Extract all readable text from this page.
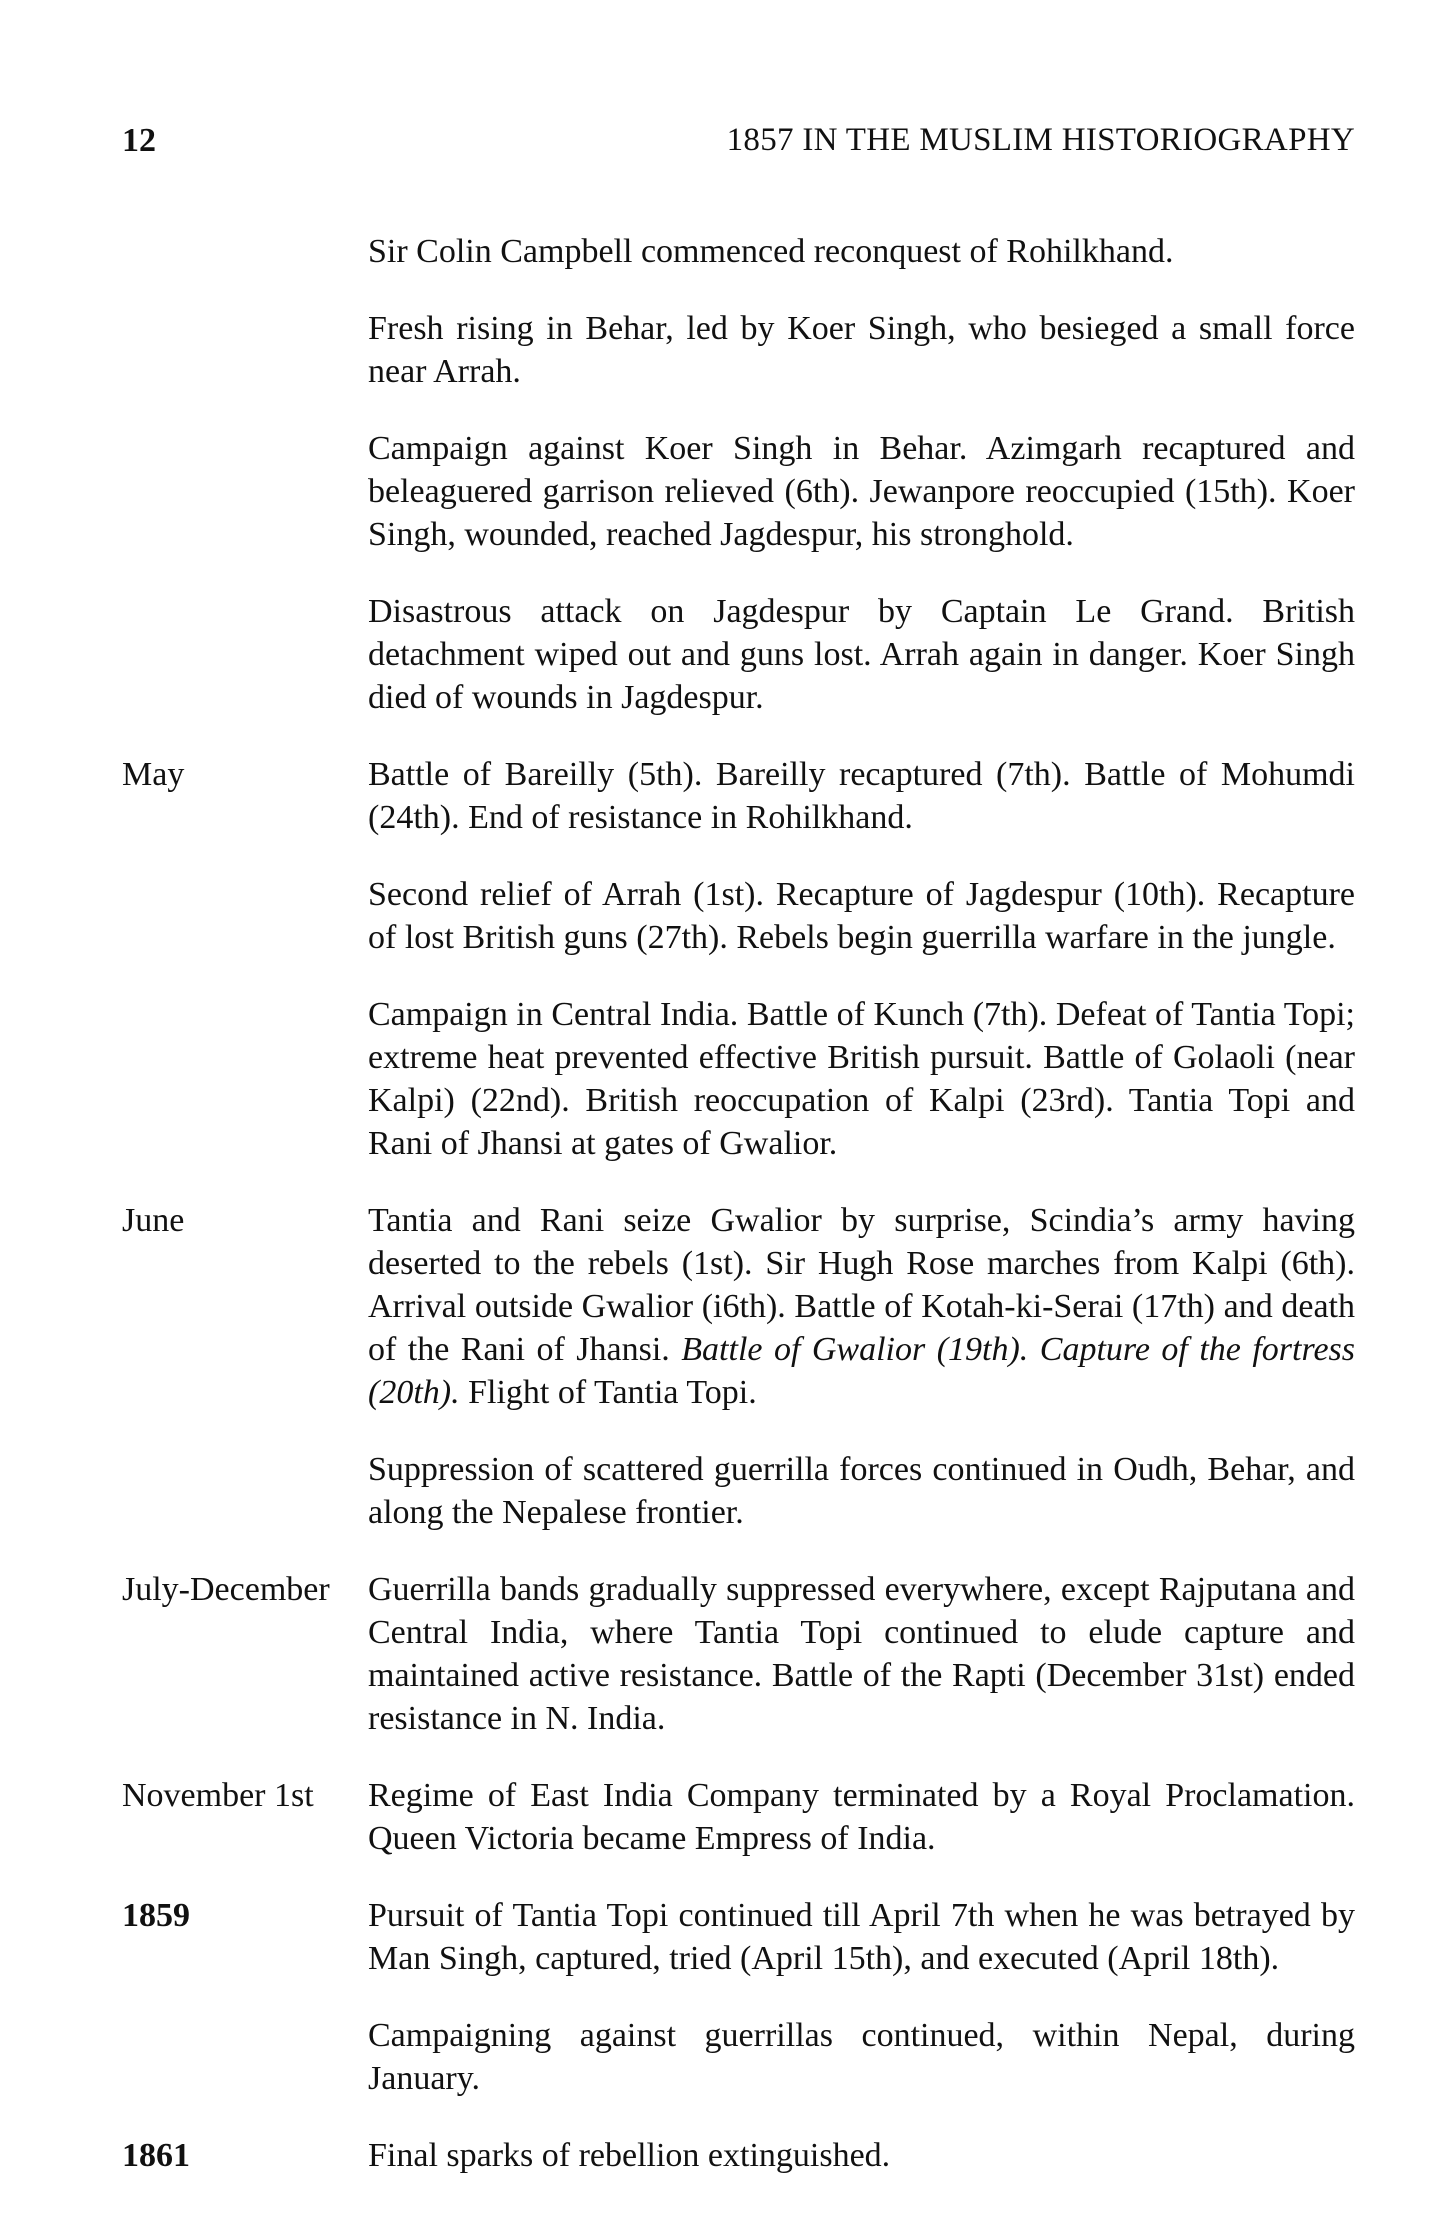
12	1857 IN THE MUSLIM HISTORIOGRAPHY

Sir Colin Campbell commenced reconquest of Rohilkhand.

Fresh rising in Behar, led by Koer Singh, who besieged a small force near Arrah.

Campaign against Koer Singh in Behar. Azimgarh recaptured and beleaguered garrison relieved (6th). Jewanpore reoccupied (15th). Koer Singh, wounded, reached Jagdespur, his stronghold.

Disastrous attack on Jagdespur by Captain Le Grand. British detachment wiped out and guns lost. Arrah again in danger. Koer Singh died of wounds in Jagdespur.

May	Battle of Bareilly (5th). Bareilly recaptured (7th). Battle of Mohumdi (24th). End of resistance in Rohilkhand.

Second relief of Arrah (1st). Recapture of Jagdespur (10th). Recapture of lost British guns (27th). Rebels begin guerrilla warfare in the jungle.

Campaign in Central India. Battle of Kunch (7th). Defeat of Tantia Topi; extreme heat prevented effective British pursuit. Battle of Golaoli (near Kalpi) (22nd). British reoccupation of Kalpi (23rd). Tantia Topi and Rani of Jhansi at gates of Gwalior.

June	Tantia and Rani seize Gwalior by surprise, Scindia’s army having deserted to the rebels (1st). Sir Hugh Rose marches from Kalpi (6th). Arrival outside Gwalior (i6th). Battle of Kotah-ki-Serai (17th) and death of the Rani of Jhansi. Battle of Gwalior (19th). Capture of the fortress (20th). Flight of Tantia Topi.

Suppression of scattered guerrilla forces continued in Oudh, Behar, and along the Nepalese frontier.

July-December	Guerrilla bands gradually suppressed everywhere, except Rajputana and Central India, where Tantia Topi continued to elude capture and maintained active resistance. Battle of the Rapti (December 31st) ended resistance in N. India.

November 1st	Regime of East India Company terminated by a Royal Proclamation. Queen Victoria became Empress of India.

1859	Pursuit of Tantia Topi continued till April 7th when he was betrayed by Man Singh, captured, tried (April 15th), and executed (April 18th).

Campaigning against guerrillas continued, within Nepal, during January.

1861	Final sparks of rebellion extinguished.
